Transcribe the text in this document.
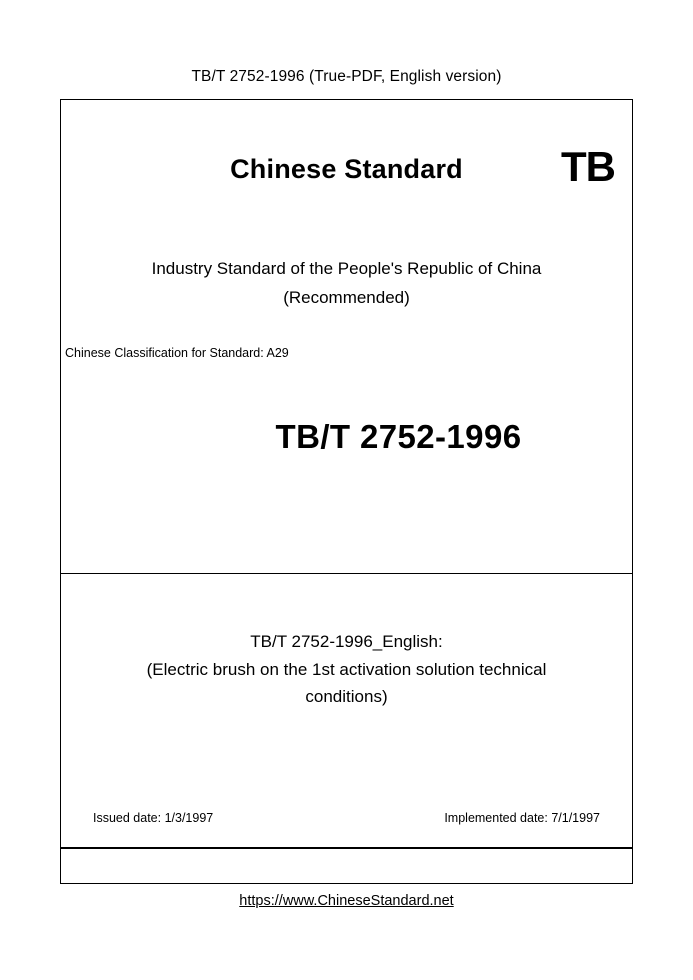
TB/T 2752-1996 (True-PDF, English version)
Chinese Standard	TB
Industry Standard of the People's Republic of China
(Recommended)
Chinese Classification for Standard: A29
TB/T 2752-1996
TB/T 2752-1996_English:
(Electric brush on the 1st activation solution technical
conditions)
Issued date: 1/3/1997	Implemented date: 7/1/1997
https://www.ChineseStandard.net
